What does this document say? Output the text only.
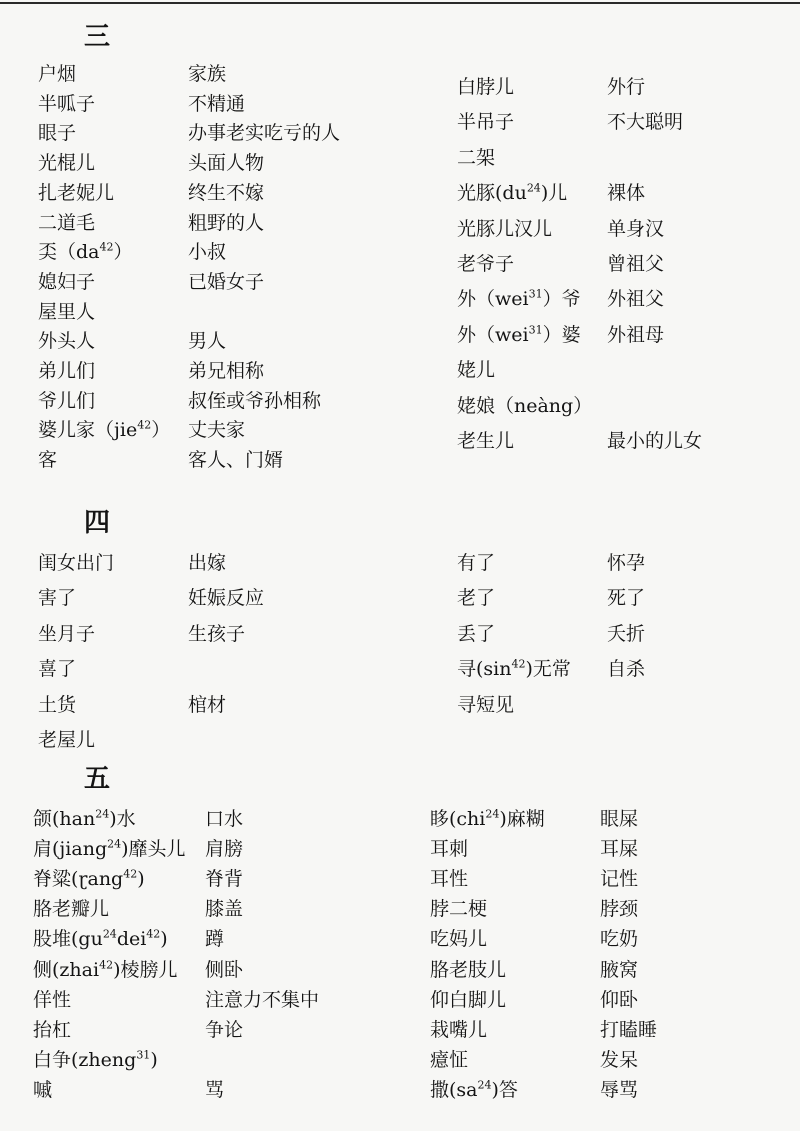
三
户烟	家族
半呱子	不精通
眼子	办事老实吃亏的人
光棍儿	头面人物
扎老妮儿	终生不嫁
二道毛	粗野的人
奀$(da^{42})$	小叔
媳妇子	已婚女子
屋里人
外头人	男人
弟儿们	弟兄相称
爷儿们	叔侄或爷孙相称
婆儿家（jie$^{42}$） 丈夫家
客	客人、门婿
白脖儿	外行
半吊子	不大聪明
二架
光豚$(du^{24})$儿 裸体
光豚儿汉儿	单身汉
老爷子	曾祖父
外（wei$^{31}$）爷 外祖父
外（wei$^{31}$）婆 外祖母
姥儿
姥娘（neàng）
老生儿	最小的儿女
四
闺女出门	出嫁
害了	妊娠反应
坐月子	生孩子
喜了
土货	棺材
老屋儿
有了	怀孕
老了	死了
丢了	夭折
寻$(\sin^{42})$无常 自杀
寻短见
五
颌(han$^{24}$)水	口水
肩(jiang$^{24}$)靡头儿 肩膀
脊粱(ɽang$^{42}$)	脊背
胳老瓣儿	膝盖
股堆$(gu^{24}dei^{42})$ 蹲
侧(zhai$^{42}$)棱膀儿 侧卧
佯性	注意力不集中
抬杠	争论
白争(zheng$^{31}$)
嘁	骂
眵(chi$^{24}$)麻糊	眼屎
耳刺	耳屎
耳性	记性
脖二梗	脖颈
吃妈儿	吃奶
胳老肢儿	腋窝
仰白脚儿	仰卧
栽嘴儿	打瞌睡
癔怔	发呆
撒$(sa^{24})$答	辱骂
